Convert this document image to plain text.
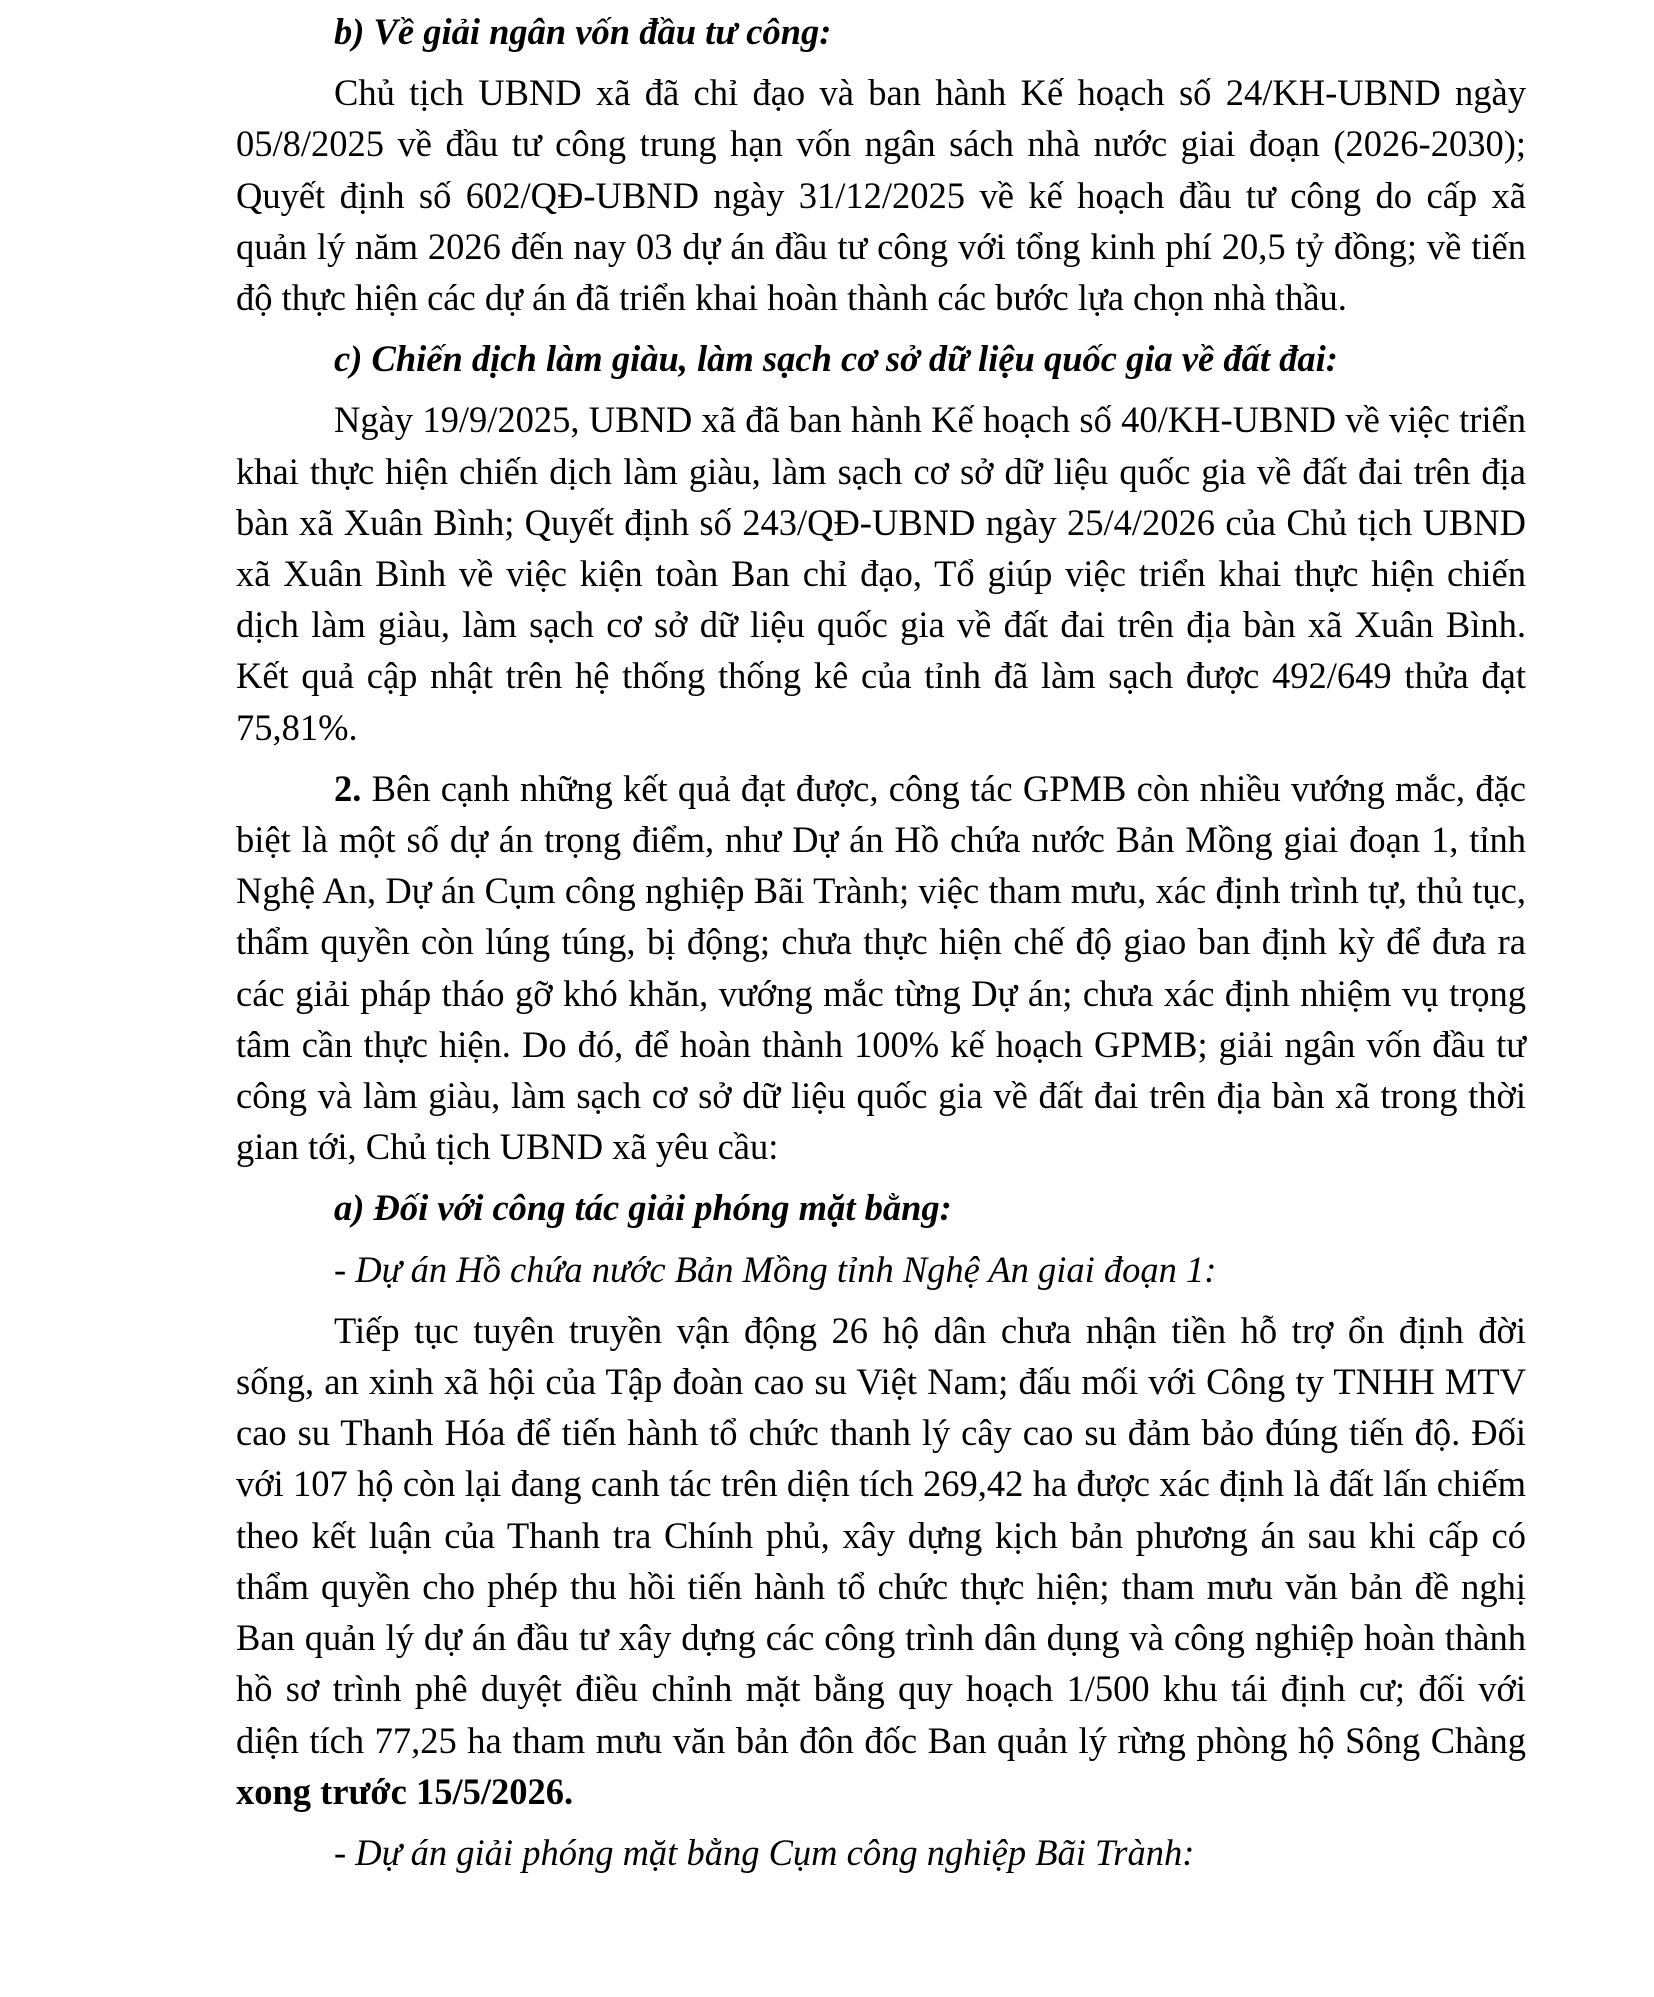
b) Về giải ngân vốn đầu tư công:

Chủ tịch UBND xã đã chỉ đạo và ban hành Kế hoạch số 24/KH-UBND ngày 05/8/2025 về đầu tư công trung hạn vốn ngân sách nhà nước giai đoạn (2026-2030); Quyết định số 602/QĐ-UBND ngày 31/12/2025 về kế hoạch đầu tư công do cấp xã quản lý năm 2026 đến nay 03 dự án đầu tư công với tổng kinh phí 20,5 tỷ đồng; về tiến độ thực hiện các dự án đã triển khai hoàn thành các bước lựa chọn nhà thầu.

c) Chiến dịch làm giàu, làm sạch cơ sở dữ liệu quốc gia về đất đai:

Ngày 19/9/2025, UBND xã đã ban hành Kế hoạch số 40/KH-UBND về việc triển khai thực hiện chiến dịch làm giàu, làm sạch cơ sở dữ liệu quốc gia về đất đai trên địa bàn xã Xuân Bình; Quyết định số 243/QĐ-UBND ngày 25/4/2026 của Chủ tịch UBND xã Xuân Bình về việc kiện toàn Ban chỉ đạo, Tổ giúp việc triển khai thực hiện chiến dịch làm giàu, làm sạch cơ sở dữ liệu quốc gia về đất đai trên địa bàn xã Xuân Bình. Kết quả cập nhật trên hệ thống thống kê của tỉnh đã làm sạch được 492/649 thửa đạt 75,81%.

2. Bên cạnh những kết quả đạt được, công tác GPMB còn nhiều vướng mắc, đặc biệt là một số dự án trọng điểm, như Dự án Hồ chứa nước Bản Mồng giai đoạn 1, tỉnh Nghệ An, Dự án Cụm công nghiệp Bãi Trành; việc tham mưu, xác định trình tự, thủ tục, thẩm quyền còn lúng túng, bị động; chưa thực hiện chế độ giao ban định kỳ để đưa ra các giải pháp tháo gỡ khó khăn, vướng mắc từng Dự án; chưa xác định nhiệm vụ trọng tâm cần thực hiện. Do đó, để hoàn thành 100% kế hoạch GPMB; giải ngân vốn đầu tư công và làm giàu, làm sạch cơ sở dữ liệu quốc gia về đất đai trên địa bàn xã trong thời gian tới, Chủ tịch UBND xã yêu cầu:

a) Đối với công tác giải phóng mặt bằng:

- Dự án Hồ chứa nước Bản Mồng tỉnh Nghệ An giai đoạn 1:

Tiếp tục tuyên truyền vận động 26 hộ dân chưa nhận tiền hỗ trợ ổn định đời sống, an xinh xã hội của Tập đoàn cao su Việt Nam; đấu mối với Công ty TNHH MTV cao su Thanh Hóa để tiến hành tổ chức thanh lý cây cao su đảm bảo đúng tiến độ. Đối với 107 hộ còn lại đang canh tác trên diện tích 269,42 ha được xác định là đất lấn chiếm theo kết luận của Thanh tra Chính phủ, xây dựng kịch bản phương án sau khi cấp có thẩm quyền cho phép thu hồi tiến hành tổ chức thực hiện; tham mưu văn bản đề nghị Ban quản lý dự án đầu tư xây dựng các công trình dân dụng và công nghiệp hoàn thành hồ sơ trình phê duyệt điều chỉnh mặt bằng quy hoạch 1/500 khu tái định cư; đối với diện tích 77,25 ha tham mưu văn bản đôn đốc Ban quản lý rừng phòng hộ Sông Chàng xong trước 15/5/2026.

- Dự án giải phóng mặt bằng Cụm công nghiệp Bãi Trành:
